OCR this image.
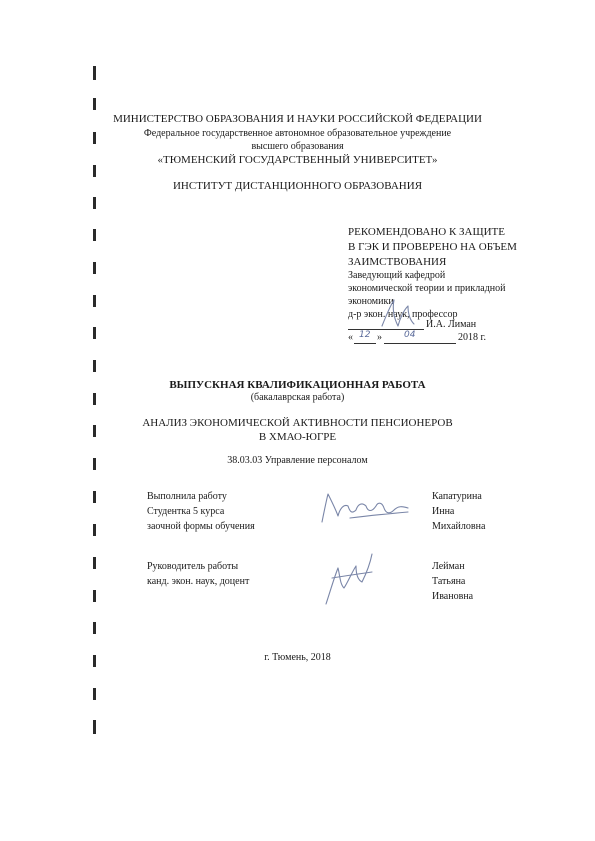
МИНИСТЕРСТВО ОБРАЗОВАНИЯ И НАУКИ РОССИЙСКОЙ ФЕДЕРАЦИИ
Федеральное государственное автономное образовательное учреждение
высшего образования
«ТЮМЕНСКИЙ ГОСУДАРСТВЕННЫЙ УНИВЕРСИТЕТ»
ИНСТИТУТ ДИСТАНЦИОННОГО ОБРАЗОВАНИЯ
РЕКОМЕНДОВАНО К ЗАЩИТЕ
В ГЭК И ПРОВЕРЕНО НА ОБЪЕМ
ЗАИМСТВОВАНИЯ
Заведующий кафедрой
экономической теории и прикладной
экономики
д-р экон. наук, профессор
И.А. Лиман
« 12 » 04	2018 г.
ВЫПУСКНАЯ КВАЛИФИКАЦИОННАЯ РАБОТА
(бакалаврская работа)
АНАЛИЗ ЭКОНОМИЧЕСКОЙ АКТИВНОСТИ ПЕНСИОНЕРОВ
В ХМАО-ЮГРЕ
38.03.03 Управление персоналом
Выполнила работу
Студентка 5 курса
заочной формы обучения
Капатурина
Инна
Михайловна
Руководитель работы
канд. экон. наук, доцент
Лейман
Татьяна
Ивановна
г. Тюмень, 2018
